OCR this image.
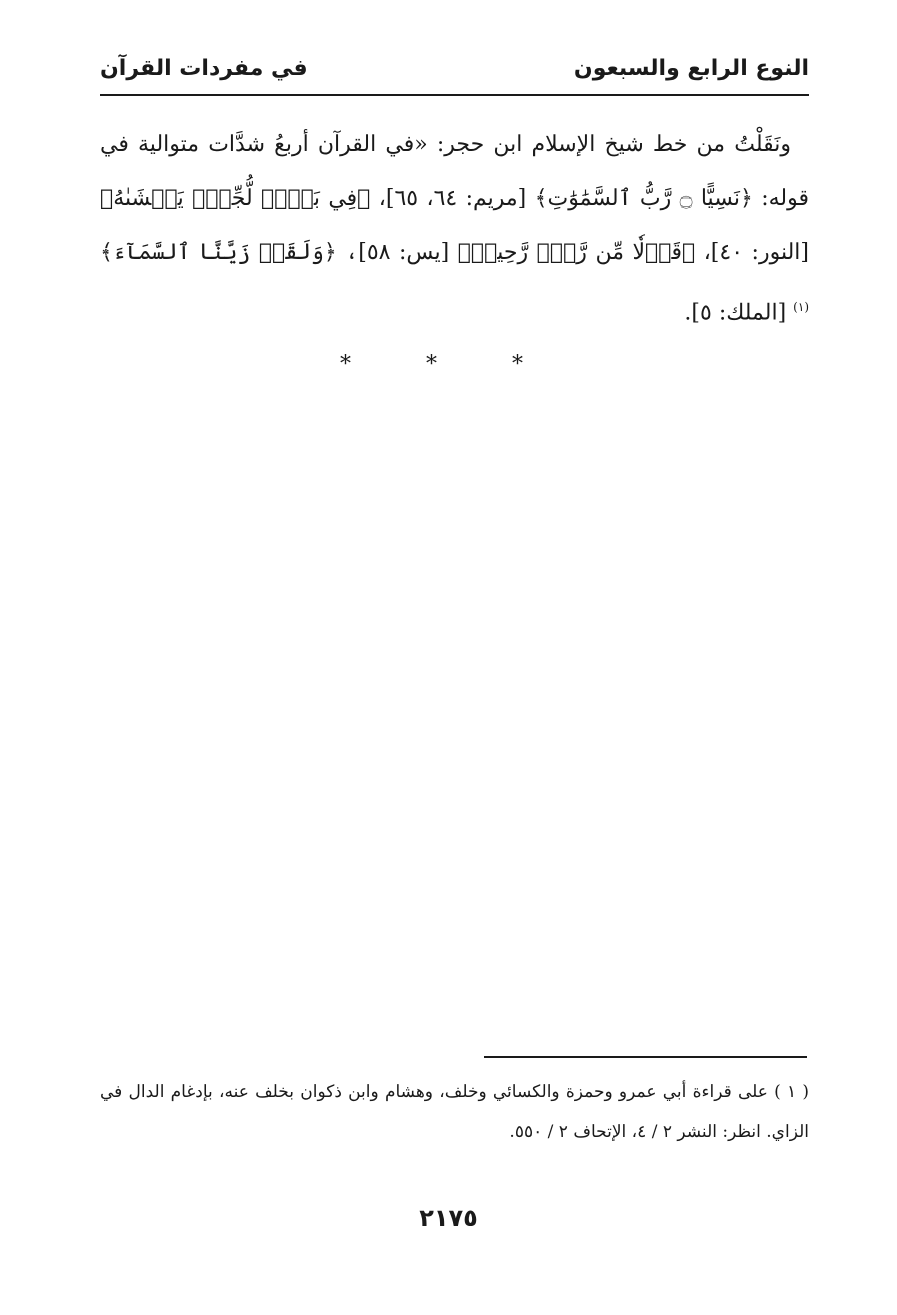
النوع الرابع والسبعون
في مفردات القرآن

ونَقَلْتُ من خط شيخ الإسلام ابن حجر: «في القرآن أربعُ شدَّات متوالية في قوله: ﴿نَسِيًّا ۝ رَّبُّ ٱلسَّمَٰوَٰتِ﴾ [مريم: ٦٤، ٦٥]، ﴿فِي بَحۡرٖ لُّجِّيّٖ يَغۡشَىٰهُ﴾ [النور: ٤٠]، ﴿قَوۡلٗا مِّن رَّبّٖ رَّحِيمٖ﴾ [يس: ٥٨]، ﴿وَلَقَدۡ زَيَّنَّا ٱلسَّمَآءَ﴾$^{(١)}$ [الملك: ٥].

* * *

( ١ ) على قراءة أبي عمرو وحمزة والكسائي وخلف، وهشام وابن ذكوان بخلف عنه، بإدغام الدال في الزاي. انظر: النشر ٢ / ٤، الإتحاف ٢ / ٥٥٠.

٢١٧٥
